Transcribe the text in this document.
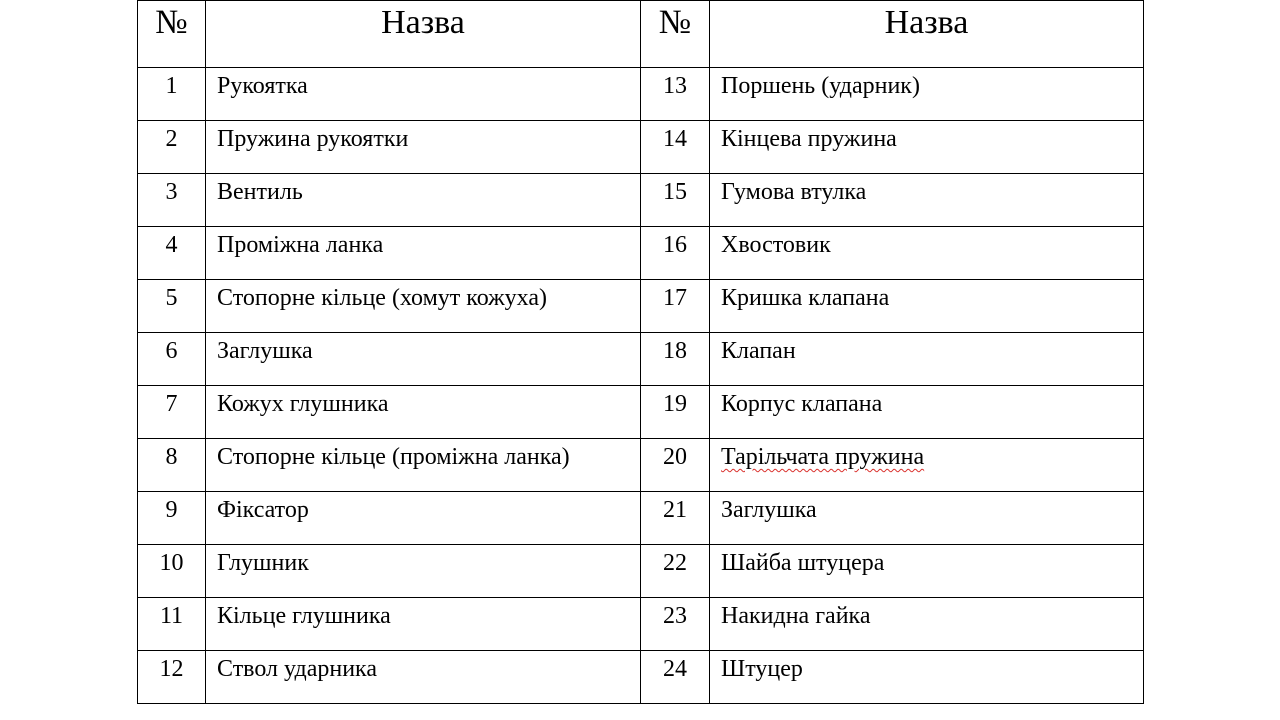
№	Назва	№	Назва
1	Рукоятка	13	Поршень (ударник)
2	Пружина рукоятки	14	Кінцева пружина
3	Вентиль	15	Гумова втулка
4	Проміжна ланка	16	Хвостовик
5	Стопорне кільце (хомут кожуха)	17	Кришка клапана
6	Заглушка	18	Клапан
7	Кожух глушника	19	Корпус клапана
8	Стопорне кільце (проміжна ланка)	20	Тарільчата пружина
9	Фіксатор	21	Заглушка
10	Глушник	22	Шайба штуцера
11	Кільце глушника	23	Накидна гайка
12	Ствол ударника	24	Штуцер
